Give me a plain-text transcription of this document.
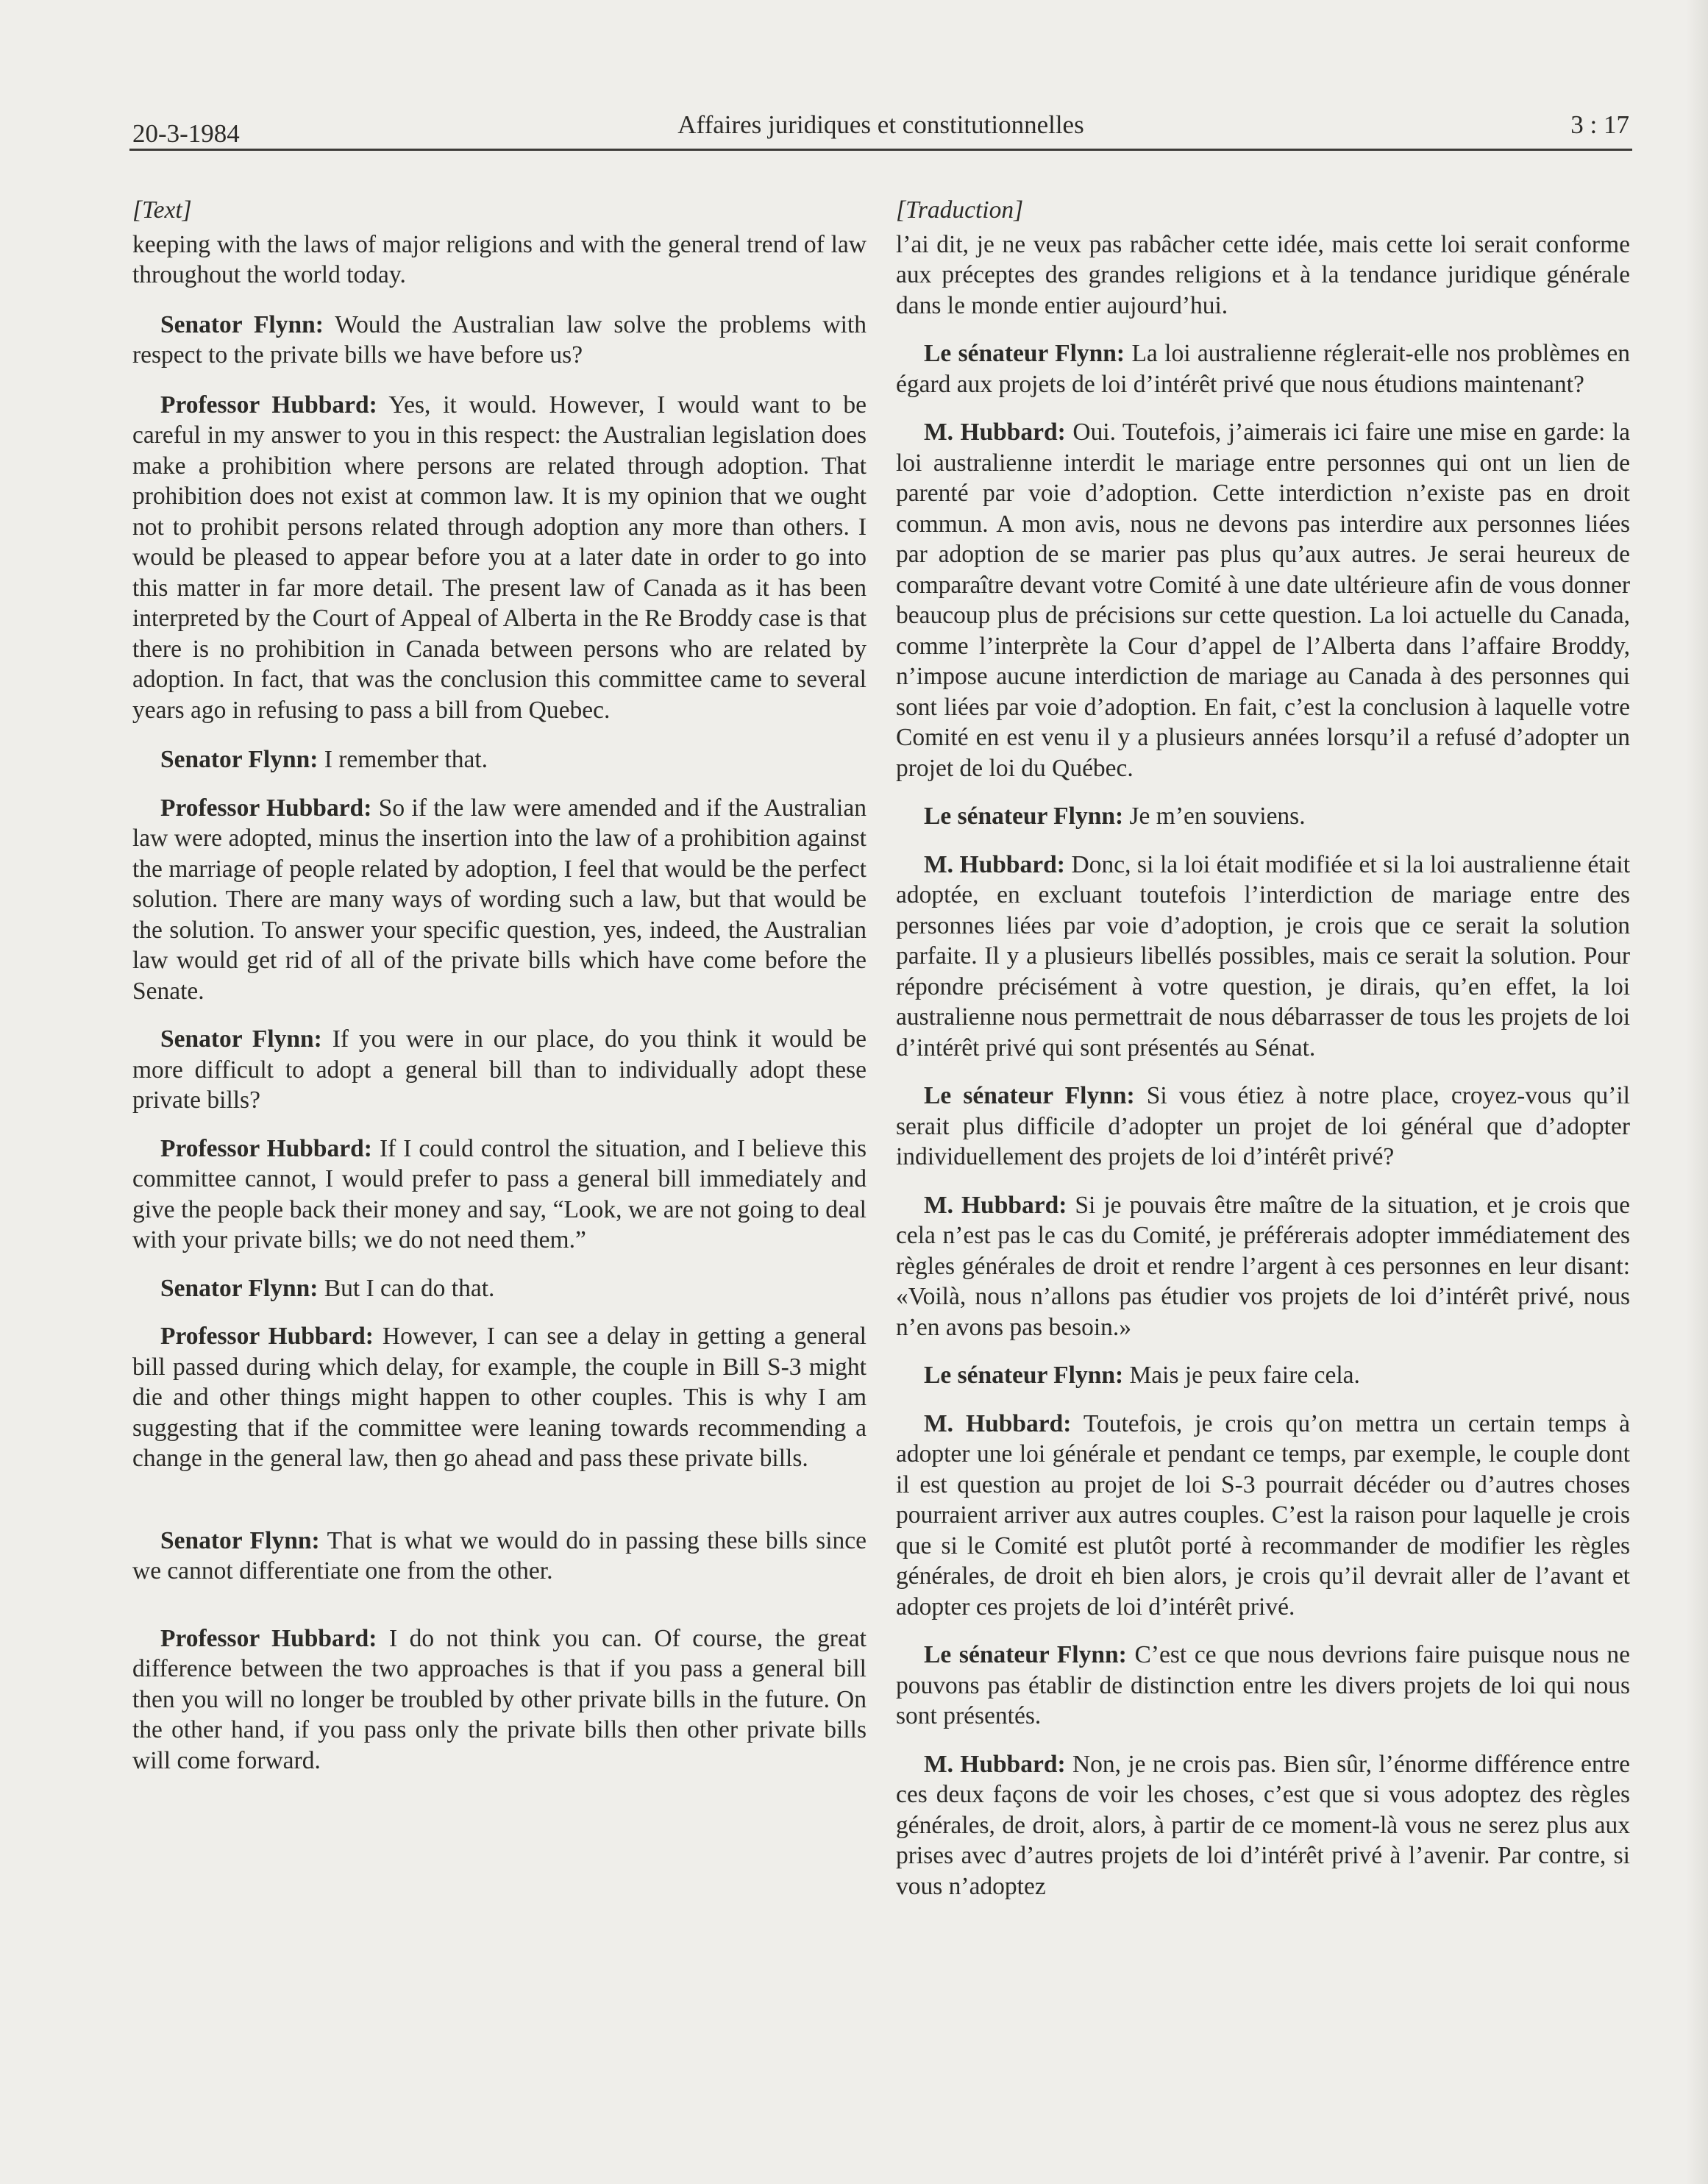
20-3-1984	Affaires juridiques et constitutionnelles	3 : 17
[Text]

keeping with the laws of major religions and with the general trend of law throughout the world today.

Senator Flynn: Would the Australian law solve the problems with respect to the private bills we have before us?

Professor Hubbard: Yes, it would. However, I would want to be careful in my answer to you in this respect: the Australian legislation does make a prohibition where persons are related through adoption. That prohibition does not exist at common law. It is my opinion that we ought not to prohibit persons related through adoption any more than others. I would be pleased to appear before you at a later date in order to go into this matter in far more detail. The present law of Canada as it has been interpreted by the Court of Appeal of Alberta in the Re Broddy case is that there is no prohibition in Canada between persons who are related by adoption. In fact, that was the conclusion this committee came to several years ago in refusing to pass a bill from Quebec.

Senator Flynn: I remember that.

Professor Hubbard: So if the law were amended and if the Australian law were adopted, minus the insertion into the law of a prohibition against the marriage of people related by adoption, I feel that would be the perfect solution. There are many ways of wording such a law, but that would be the solution. To answer your specific question, yes, indeed, the Australian law would get rid of all of the private bills which have come before the Senate.

Senator Flynn: If you were in our place, do you think it would be more difficult to adopt a general bill than to individually adopt these private bills?

Professor Hubbard: If I could control the situation, and I believe this committee cannot, I would prefer to pass a general bill immediately and give the people back their money and say, “Look, we are not going to deal with your private bills; we do not need them.”

Senator Flynn: But I can do that.

Professor Hubbard: However, I can see a delay in getting a general bill passed during which delay, for example, the couple in Bill S-3 might die and other things might happen to other couples. This is why I am suggesting that if the committee were leaning towards recommending a change in the general law, then go ahead and pass these private bills.

Senator Flynn: That is what we would do in passing these bills since we cannot differentiate one from the other.

Professor Hubbard: I do not think you can. Of course, the great difference between the two approaches is that if you pass a general bill then you will no longer be troubled by other private bills in the future. On the other hand, if you pass only the private bills then other private bills will come forward.

[Traduction]

l’ai dit, je ne veux pas rabâcher cette idée, mais cette loi serait conforme aux préceptes des grandes religions et à la tendance juridique générale dans le monde entier aujourd’hui.

Le sénateur Flynn: La loi australienne réglerait-elle nos problèmes en égard aux projets de loi d’intérêt privé que nous étudions maintenant?

M. Hubbard: Oui. Toutefois, j’aimerais ici faire une mise en garde: la loi australienne interdit le mariage entre personnes qui ont un lien de parenté par voie d’adoption. Cette interdiction n’existe pas en droit commun. A mon avis, nous ne devons pas interdire aux personnes liées par adoption de se marier pas plus qu’aux autres. Je serai heureux de comparaître devant votre Comité à une date ultérieure afin de vous donner beaucoup plus de précisions sur cette question. La loi actuelle du Canada, comme l’interprète la Cour d’appel de l’Alberta dans l’affaire Broddy, n’impose aucune interdiction de mariage au Canada à des personnes qui sont liées par voie d’adoption. En fait, c’est la conclusion à laquelle votre Comité en est venu il y a plusieurs années lorsqu’il a refusé d’adopter un projet de loi du Québec.

Le sénateur Flynn: Je m’en souviens.

M. Hubbard: Donc, si la loi était modifiée et si la loi australienne était adoptée, en excluant toutefois l’interdiction de mariage entre des personnes liées par voie d’adoption, je crois que ce serait la solution parfaite. Il y a plusieurs libellés possibles, mais ce serait la solution. Pour répondre précisément à votre question, je dirais, qu’en effet, la loi australienne nous permettrait de nous débarrasser de tous les projets de loi d’intérêt privé qui sont présentés au Sénat.

Le sénateur Flynn: Si vous étiez à notre place, croyez-vous qu’il serait plus difficile d’adopter un projet de loi général que d’adopter individuellement des projets de loi d’intérêt privé?

M. Hubbard: Si je pouvais être maître de la situation, et je crois que cela n’est pas le cas du Comité, je préférerais adopter immédiatement des règles générales de droit et rendre l’argent à ces personnes en leur disant: «Voilà, nous n’allons pas étudier vos projets de loi d’intérêt privé, nous n’en avons pas besoin.»

Le sénateur Flynn: Mais je peux faire cela.

M. Hubbard: Toutefois, je crois qu’on mettra un certain temps à adopter une loi générale et pendant ce temps, par exemple, le couple dont il est question au projet de loi S-3 pourrait décéder ou d’autres choses pourraient arriver aux autres couples. C’est la raison pour laquelle je crois que si le Comité est plutôt porté à recommander de modifier les règles générales, de droit eh bien alors, je crois qu’il devrait aller de l’avant et adopter ces projets de loi d’intérêt privé.

Le sénateur Flynn: C’est ce que nous devrions faire puisque nous ne pouvons pas établir de distinction entre les divers projets de loi qui nous sont présentés.

M. Hubbard: Non, je ne crois pas. Bien sûr, l’énorme différence entre ces deux façons de voir les choses, c’est que si vous adoptez des règles générales, de droit, alors, à partir de ce moment-là vous ne serez plus aux prises avec d’autres projets de loi d’intérêt privé à l’avenir. Par contre, si vous n’adoptez
